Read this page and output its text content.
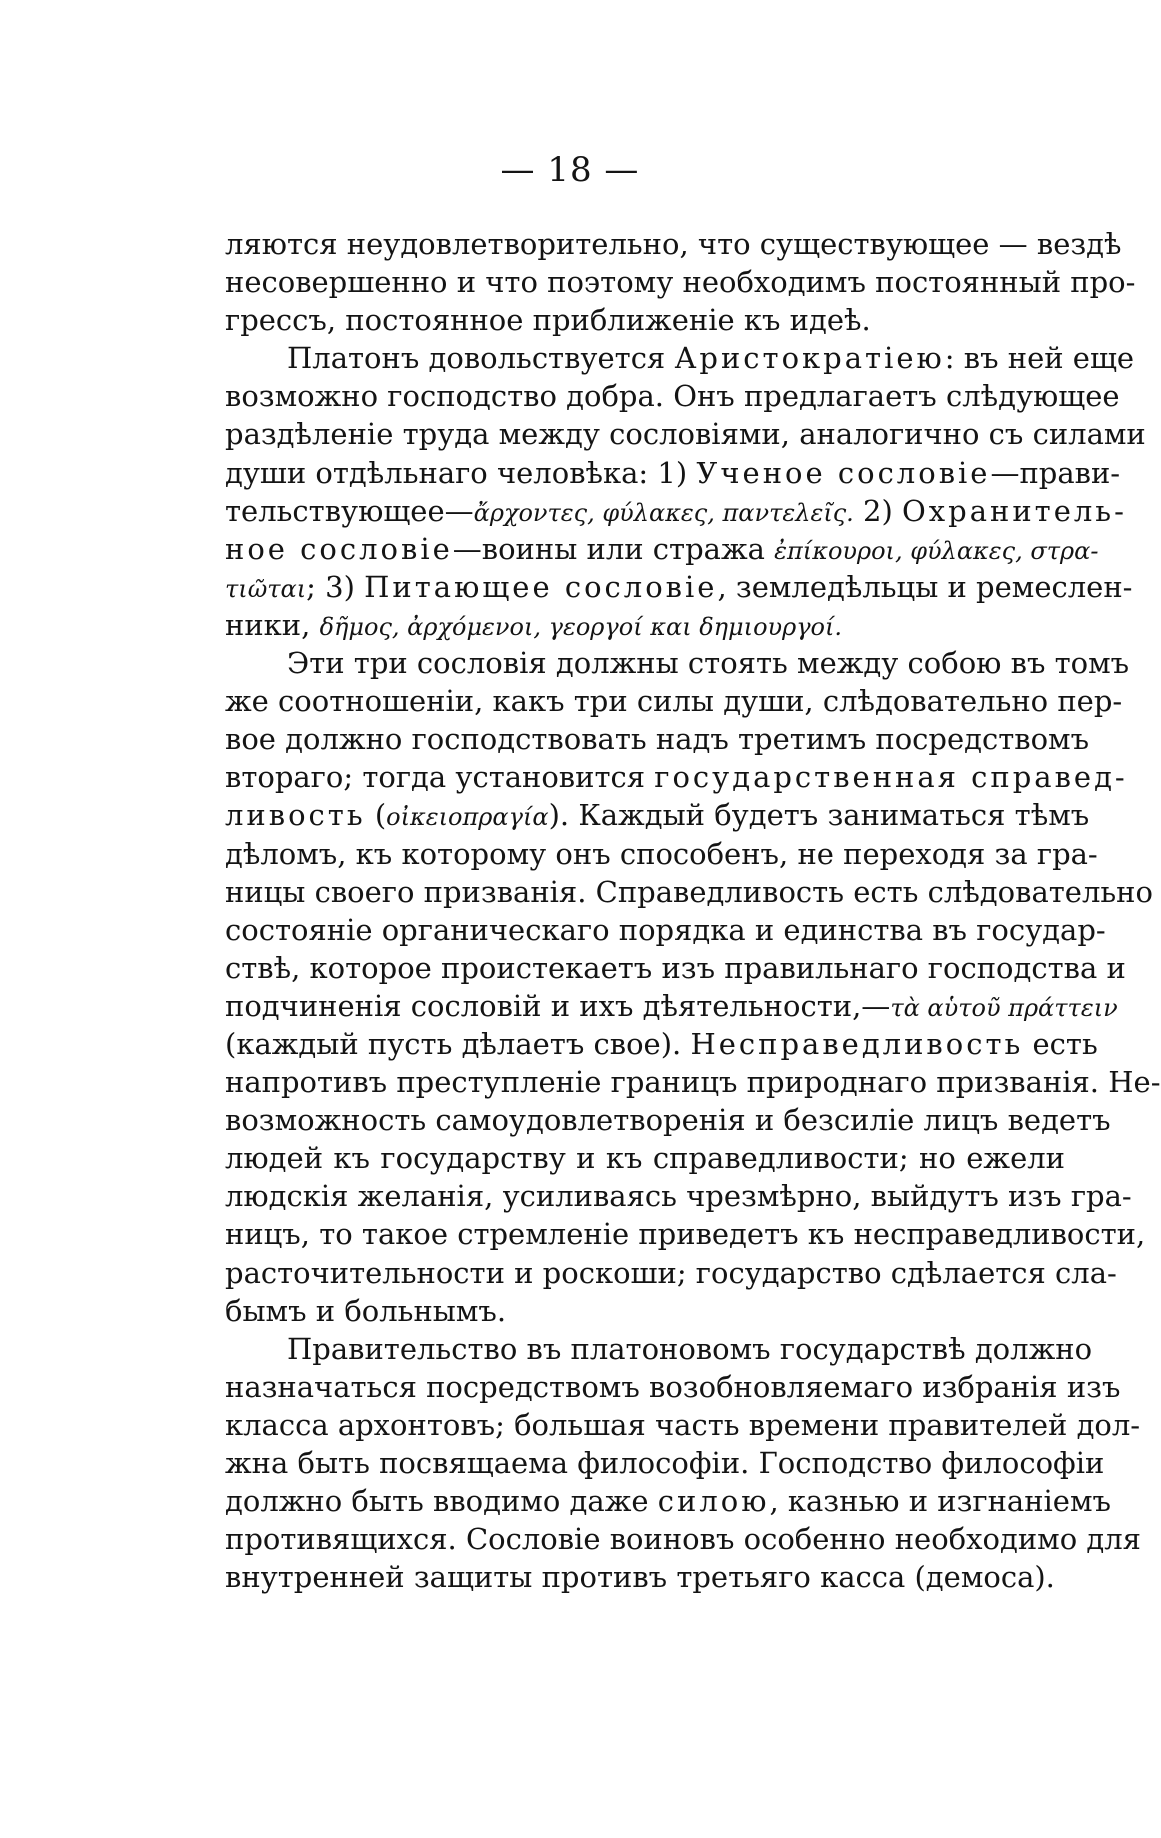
— 18 —
ляются неудовлетворительно, что существующее — вездѣ
несовершенно и что поэтому необходимъ постоянный про-
грессъ, постоянное приближеніе къ идеѣ.
Платонъ довольствуется Аристократіею: въ ней еще
возможно господство добра. Онъ предлагаетъ слѣдующее
раздѣленіе труда между сословіями, аналогично съ силами
души отдѣльнаго человѣка: 1) Ученое сословіе—прави-
тельствующее—ἄρχοντες, φύλακες, παντελεῖς. 2) Охранитель-
ное сословіе—воины или стража ἐπίκουροι, φύλακες, στρα-
τιῶται; 3) Питающее сословіе, земледѣльцы и ремеслен-
ники, δῆμος, ἀρχόμενοι, γεοργοί και δημιουργοί.
Эти три сословія должны стоять между собою въ томъ
же соотношеніи, какъ три силы души, слѣдовательно пер-
вое должно господствовать надъ третимъ посредствомъ
втораго; тогда установится государственная справед-
ливость (οἰκειοπραγία). Каждый будетъ заниматься тѣмъ
дѣломъ, къ которому онъ способенъ, не переходя за гра-
ницы своего призванія. Справедливость есть слѣдовательно
состояніе органическаго порядка и единства въ государ-
ствѣ, которое проистекаетъ изъ правильнаго господства и
подчиненія сословій и ихъ дѣятельности,—τὰ αὑτοῦ πράττειν
(каждый пусть дѣлаетъ свое). Несправедливость есть
напротивъ преступленіе границъ природнаго призванія. Не-
возможность самоудовлетворенія и безсиліе лицъ ведетъ
людей къ государству и къ справедливости; но ежели
людскія желанія, усиливаясь чрезмѣрно, выйдутъ изъ гра-
ницъ, то такое стремленіе приведетъ къ несправедливости,
расточительности и роскоши; государство сдѣлается сла-
бымъ и больнымъ.
Правительство въ платоновомъ государствѣ должно
назначаться посредствомъ возобновляемаго избранія изъ
класса архонтовъ; большая часть времени правителей дол-
жна быть посвящаема философіи. Господство философіи
должно быть вводимо даже силою, казнью и изгнаніемъ
противящихся. Сословіе воиновъ особенно необходимо для
внутренней защиты противъ третьяго касса (демоса).
